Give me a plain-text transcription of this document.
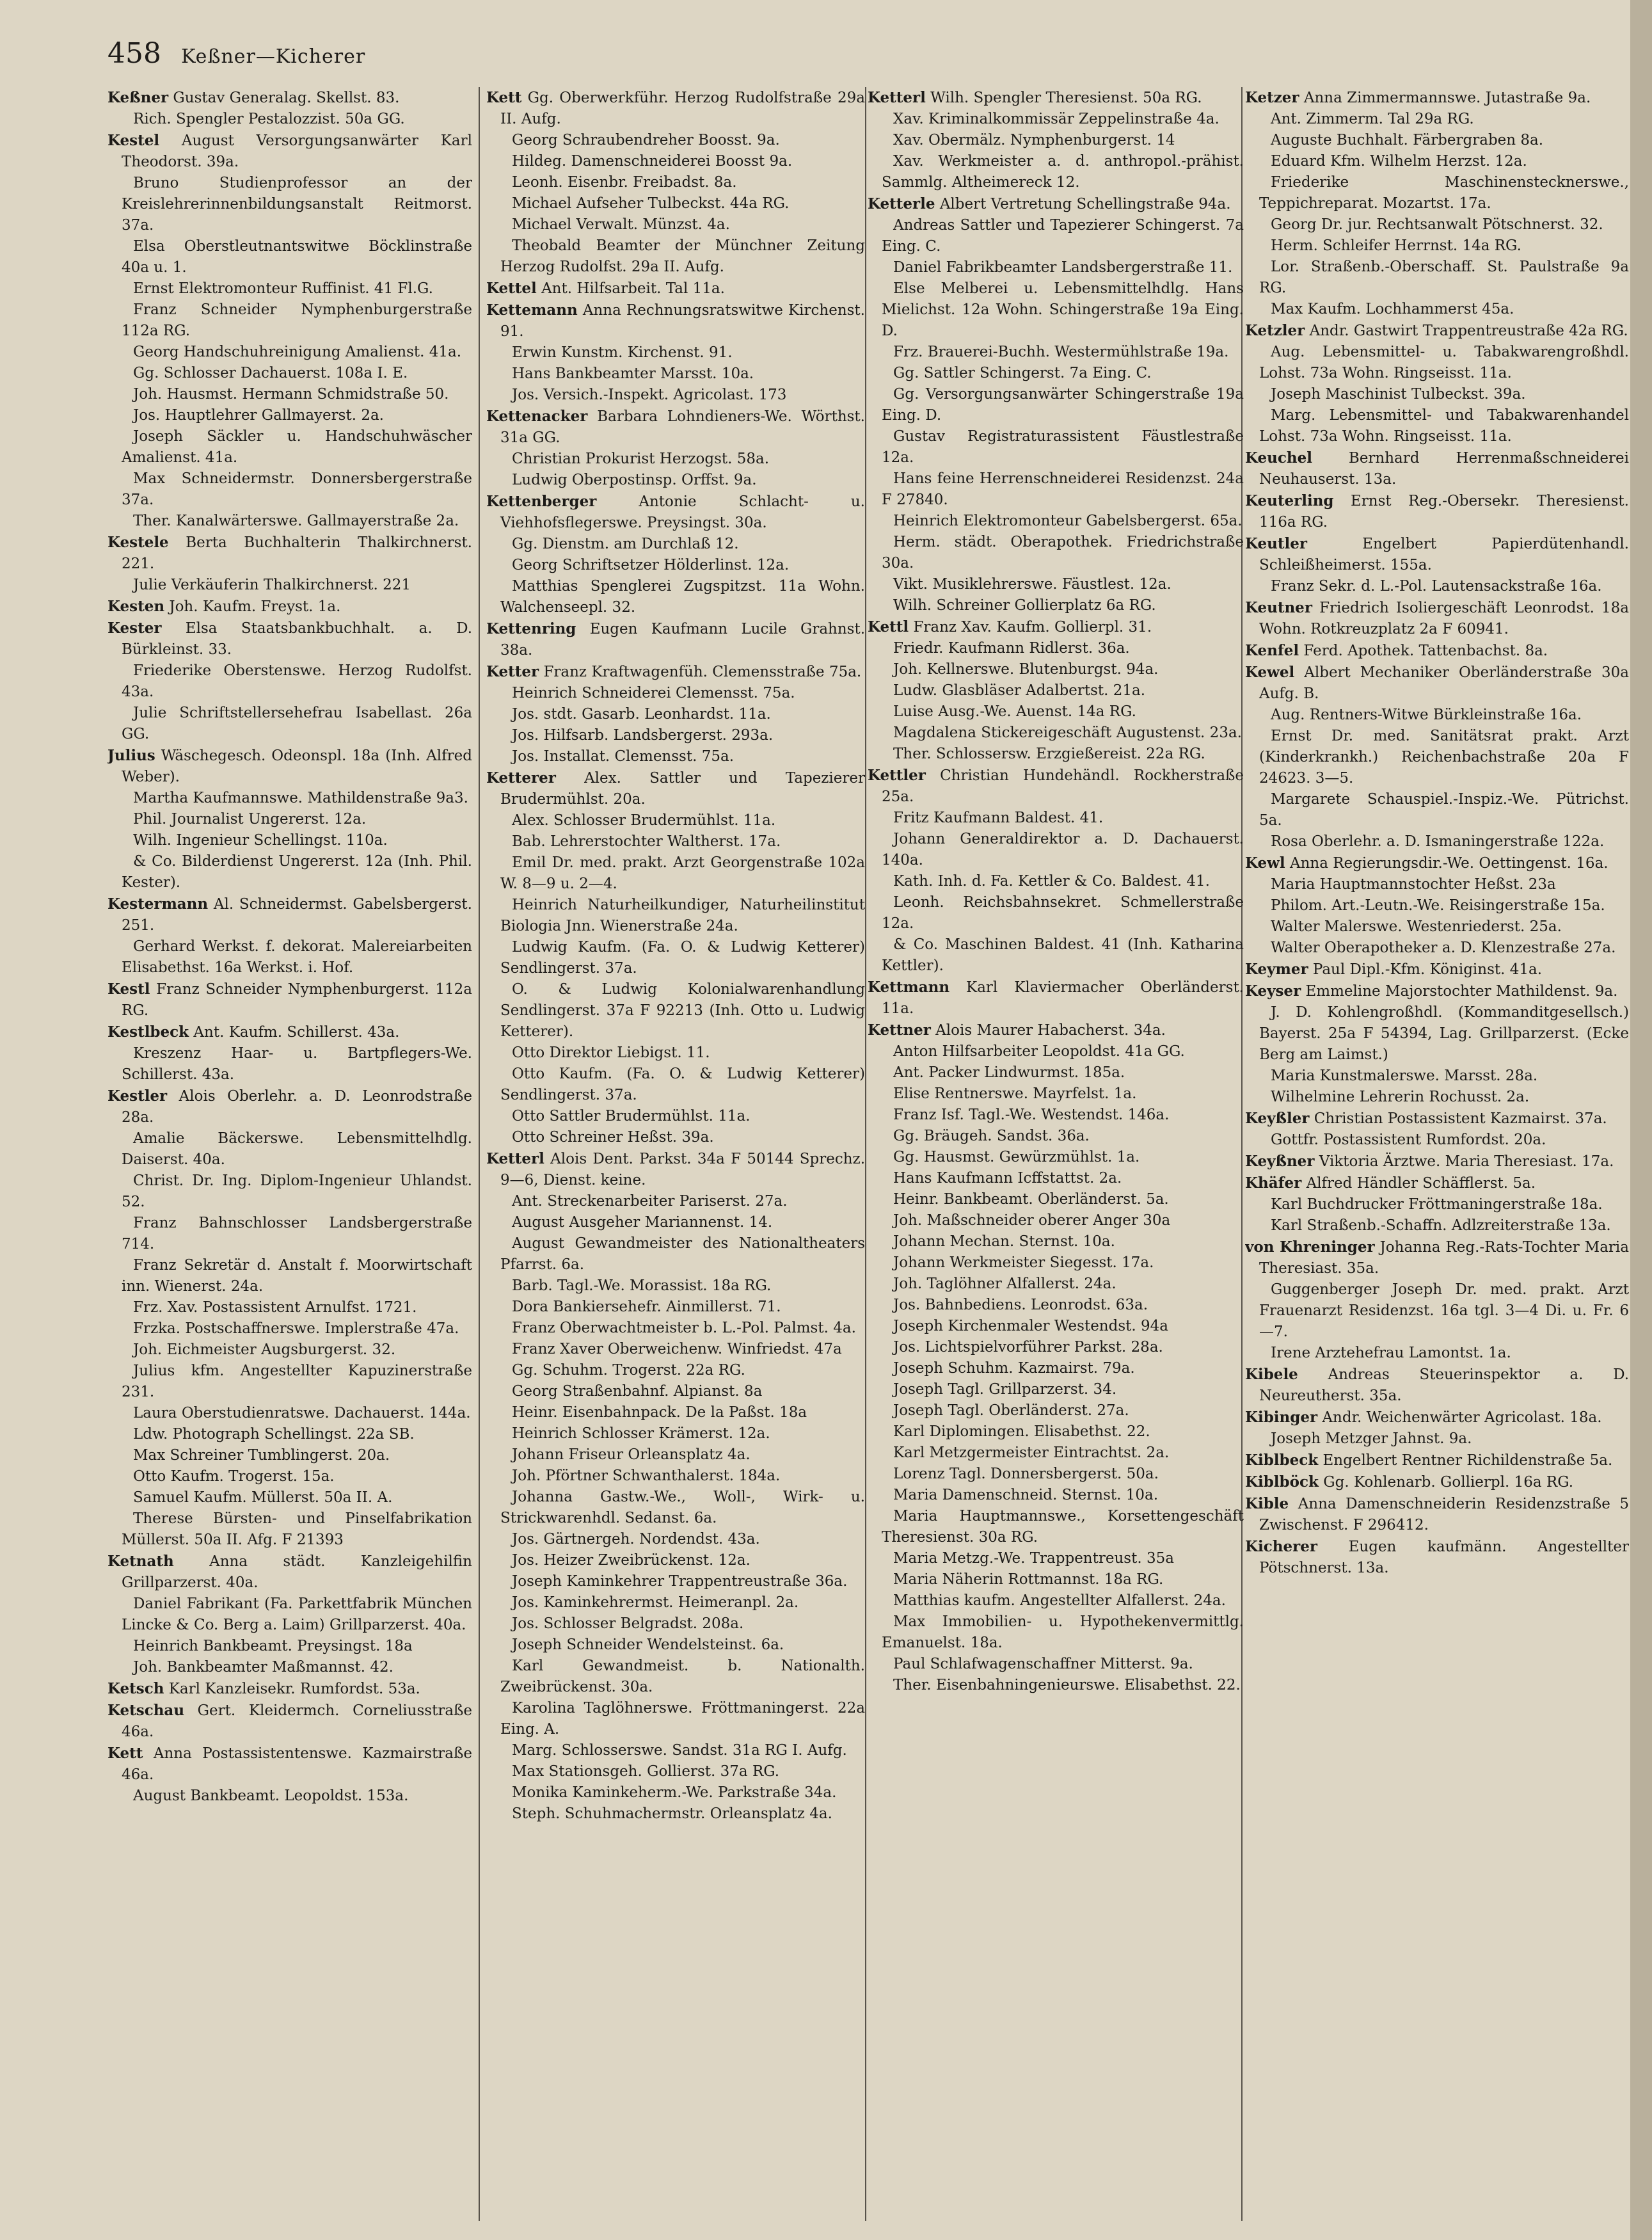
458 Keßner—Kicherer
Keßner Gustav Generalag. Skellst. 83.
Rich. Spengler Pestalozzist. 50a GG.
Kestel August Versorgungsanwärter Karl Theodorst. 39a.
Bruno Studienprofessor an der Kreislehrerinnenbildungsanstalt Reitmorst. 37a.
Elsa Oberstleutnantswitwe Böcklinstraße 40a u. 1.
Ernst Elektromonteur Ruffinist. 41 Fl.G.
Franz Schneider Nymphenburgerstraße 112a RG.
Georg Handschuhreinigung Amalienst. 41a.
Gg. Schlosser Dachauerst. 108a I. E.
Joh. Hausmst. Hermann Schmidstraße 50.
Jos. Hauptlehrer Gallmayerst. 2a.
Joseph Säckler u. Handschuhwäscher Amalienst. 41a.
Max Schneidermstr. Donnersbergerstraße 37a.
Ther. Kanalwärterswe. Gallmayerstraße 2a.
Kestele Berta Buchhalterin Thalkirchnerst. 221.
Julie Verkäuferin Thalkirchnerst. 221
Kesten Joh. Kaufm. Freyst. 1a.
Kester Elsa Staatsbankbuchhalt. a. D. Bürkleinst. 33.
Friederike Oberstenswe. Herzog Rudolfst. 43a.
Julie Schriftstellersehefrau Isabellast. 26a GG.
Julius Wäschegesch. Odeonspl. 18a (Inh. Alfred Weber).
Martha Kaufmannswe. Mathildenstraße 9a3.
Phil. Journalist Ungererst. 12a.
Wilh. Ingenieur Schellingst. 110a.
& Co. Bilderdienst Ungererst. 12a (Inh. Phil. Kester).
Kestermann Al. Schneidermst. Gabelsbergerst. 251.
Gerhard Werkst. f. dekorat. Malereiarbeiten Elisabethst. 16a Werkst. i. Hof.
Kestl Franz Schneider Nymphenburgerst. 112a RG.
Kestlbeck Ant. Kaufm. Schillerst. 43a.
Kreszenz Haar- u. Bartpflegers-We. Schillerst. 43a.
Kestler Alois Oberlehr. a. D. Leonrodstraße 28a.
Amalie Bäckerswe. Lebensmittelhdlg. Daiserst. 40a.
Christ. Dr. Ing. Diplom-Ingenieur Uhlandst. 52.
Franz Bahnschlosser Landsbergerstraße 714.
Franz Sekretär d. Anstalt f. Moorwirtschaft inn. Wienerst. 24a.
Frz. Xav. Postassistent Arnulfst. 1721.
Frzka. Postschaffnerswe. Implerstraße 47a.
Joh. Eichmeister Augsburgerst. 32.
Julius kfm. Angestellter Kapuzinerstraße 231.
Laura Oberstudienratswe. Dachauerst. 144a.
Ldw. Photograph Schellingst. 22a SB.
Max Schreiner Tumblingerst. 20a.
Otto Kaufm. Trogerst. 15a.
Samuel Kaufm. Müllerst. 50a II. A.
Therese Bürsten- und Pinselfabrikation Müllerst. 50a II. Afg. F 21393
Ketnath Anna städt. Kanzleigehilfin Grillparzerst. 40a.
Daniel Fabrikant (Fa. Parkettfabrik München Lincke & Co. Berg a. Laim) Grillparzerst. 40a.
Heinrich Bankbeamt. Preysingst. 18a
Joh. Bankbeamter Maßmannst. 42.
Ketsch Karl Kanzleisekr. Rumfordst. 53a.
Ketschau Gert. Kleidermch. Corneliusstraße 46a.
Kett Anna Postassistentenswe. Kazmairstraße 46a.
August Bankbeamt. Leopoldst. 153a.
Kett Gg. Oberwerkführ. Herzog Rudolfstraße 29a II. Aufg.
Georg Schraubendreher Boosst. 9a.
Hildeg. Damenschneiderei Boosst 9a.
Leonh. Eisenbr. Freibadst. 8a.
Michael Aufseher Tulbeckst. 44a RG.
Michael Verwalt. Münzst. 4a.
Theobald Beamter der Münchner Zeitung Herzog Rudolfst. 29a II. Aufg.
Kettel Ant. Hilfsarbeit. Tal 11a.
Kettemann Anna Rechnungsratswitwe Kirchenst. 91.
Erwin Kunstm. Kirchenst. 91.
Hans Bankbeamter Marsst. 10a.
Jos. Versich.-Inspekt. Agricolast. 173
Kettenacker Barbara Lohndieners-We. Wörthst. 31a GG.
Christian Prokurist Herzogst. 58a.
Ludwig Oberpostinsp. Orffst. 9a.
Kettenberger	Antonie Schlacht- u. Viehhofsflegerswe. Preysingst. 30a.
Gg. Dienstm. am Durchlaß 12.
Georg Schriftsetzer Hölderlinst. 12a.
Matthias Spenglerei Zugspitzst. 11a Wohn. Walchenseepl. 32.
Kettenring Eugen Kaufmann Lucile Grahnst. 38a.
Ketter Franz Kraftwagenfüh. Clemensstraße 75a.
Heinrich Schneiderei Clemensst. 75a.
Jos. stdt. Gasarb. Leonhardst. 11a.
Jos. Hilfsarb. Landsbergerst. 293a.
Jos. Installat. Clemensst. 75a.
Ketterer Alex. Sattler und Tapezierer Brudermühlst. 20a.
Alex. Schlosser Brudermühlst. 11a.
Bab. Lehrerstochter Waltherst. 17a.
Emil Dr. med. prakt. Arzt Georgenstraße 102a W. 8—9 u. 2—4.
Heinrich Naturheilkundiger, Naturheilinstitut Biologia Jnn. Wienerstraße 24a.
Ludwig Kaufm. (Fa. O. & Ludwig Ketterer) Sendlingerst. 37a.
O. & Ludwig Kolonialwarenhandlung Sendlingerst. 37a F 92213 (Inh. Otto u. Ludwig Ketterer).
Otto Direktor Liebigst. 11.
Otto Kaufm. (Fa. O. & Ludwig Ketterer) Sendlingerst. 37a.
Otto Sattler Brudermühlst. 11a.
Otto Schreiner Heßst. 39a.
Ketterl Alois Dent. Parkst. 34a F 50144 Sprechz. 9—6, Dienst. keine.
Ant. Streckenarbeiter Pariserst. 27a.
August Ausgeher Mariannenst. 14.
August Gewandmeister des Nationaltheaters Pfarrst. 6a.
Barb. Tagl.-We. Morassist. 18a RG.
Dora Bankiersehefr. Ainmillerst. 71.
Franz Oberwachtmeister b. L.-Pol. Palmst. 4a.
Franz Xaver Oberweichenw. Winfriedst. 47a
Gg. Schuhm. Trogerst. 22a RG.
Georg Straßenbahnf. Alpianst. 8a
Heinr. Eisenbahnpack. De la Paßst. 18a
Heinrich Schlosser Krämerst. 12a.
Johann Friseur Orleansplatz 4a.
Joh. Pförtner Schwanthalerst. 184a.
Johanna Gastw.-We., Woll-, Wirk- u. Strickwarenhdl. Sedanst. 6a.
Jos. Gärtnergeh. Nordendst. 43a.
Jos. Heizer Zweibrückenst. 12a.
Joseph Kaminkehrer Trappentreustraße 36a.
Jos. Kaminkehrermst. Heimeranpl. 2a.
Jos. Schlosser Belgradst. 208a.
Joseph Schneider Wendelsteinst. 6a.
Karl Gewandmeist. b. Nationalth. Zweibrückenst. 30a.
Karolina Taglöhnerswe. Fröttmaningerst. 22a Eing. A.
Marg. Schlosserswe. Sandst. 31a RG I. Aufg.
Max Stationsgeh. Gollierst. 37a RG.
Monika Kaminkeherm.-We. Parkstraße 34a.
Steph. Schuhmachermstr. Orleansplatz 4a.
Ketterl Wilh. Spengler Theresienst. 50a RG.
Xav. Kriminalkommissär Zeppelinstraße 4a.
Xav. Obermälz. Nymphenburgerst. 14
Xav. Werkmeister a. d. anthropol.-prähist. Sammlg. Altheimereck 12.
Ketterle Albert Vertretung Schellingstraße 94a.
Andreas Sattler und Tapezierer Schingerst. 7a Eing. C.
Daniel Fabrikbeamter Landsbergerstraße 11.
Else Melberei u. Lebensmittelhdlg. Hans Mielichst. 12a Wohn. Schingerstraße 19a Eing. D.
Frz. Brauerei-Buchh. Westermühlstraße 19a.
Gg. Sattler Schingerst. 7a Eing. C.
Gg. Versorgungsanwärter Schingerstraße 19a Eing. D.
Gustav Registraturassistent Fäustlestraße 12a.
Hans feine Herrenschneiderei Residenzst. 24a F 27840.
Heinrich Elektromonteur Gabelsbergerst. 65a.
Herm. städt. Oberapothek. Friedrichstraße 30a.
Vikt. Musiklehrerswe. Fäustlest. 12a.
Wilh. Schreiner Gollierplatz 6a RG.
Kettl Franz Xav. Kaufm. Gollierpl. 31.
Friedr. Kaufmann Ridlerst. 36a.
Joh. Kellnerswe. Blutenburgst. 94a.
Ludw. Glasbläser Adalbertst. 21a.
Luise Ausg.-We. Auenst. 14a RG.
Magdalena Stickereigeschäft Augustenst. 23a.
Ther. Schlossersw. Erzgießereist. 22a RG.
Kettler Christian Hundehändl. Rockherstraße 25a.
Fritz Kaufmann Baldest. 41.
Johann Generaldirektor a. D. Dachauerst. 140a.
Kath. Inh. d. Fa. Kettler & Co. Baldest. 41.
Leonh. Reichsbahnsekret. Schmellerstraße 12a.
& Co. Maschinen Baldest. 41 (Inh. Katharina Kettler).
Kettmann Karl Klaviermacher Oberländerst. 11a.
Kettner Alois Maurer Habacherst. 34a.
Anton Hilfsarbeiter Leopoldst. 41a GG.
Ant. Packer Lindwurmst. 185a.
Elise Rentnerswe. Mayrfelst. 1a.
Franz Isf. Tagl.-We. Westendst. 146a.
Gg. Bräugeh. Sandst. 36a.
Gg. Hausmst. Gewürzmühlst. 1a.
Hans Kaufmann Icffstattst. 2a.
Heinr. Bankbeamt. Oberländerst. 5a.
Joh. Maßschneider oberer Anger 30a
Johann Mechan. Sternst. 10a.
Johann Werkmeister Siegesst. 17a.
Joh. Taglöhner Alfallerst. 24a.
Jos. Bahnbediens. Leonrodst. 63a.
Joseph Kirchenmaler Westendst. 94a
Jos. Lichtspielvorführer Parkst. 28a.
Joseph Schuhm. Kazmairst. 79a.
Joseph Tagl. Grillparzerst. 34.
Joseph Tagl. Oberländerst. 27a.
Karl Diplomingen. Elisabethst. 22.
Karl Metzgermeister Eintrachtst. 2a.
Lorenz Tagl. Donnersbergerst. 50a.
Maria Damenschneid. Sternst. 10a.
Maria Hauptmannswe., Korsettengeschäft Theresienst. 30a RG.
Maria Metzg.-We. Trappentreust. 35a
Maria Näherin Rottmannst. 18a RG.
Matthias kaufm. Angestellter Alfallerst. 24a.
Max Immobilien- u. Hypothekenvermittlg. Emanuelst. 18a.
Paul Schlafwagenschaffner Mitterst. 9a.
Ther. Eisenbahningenieurswe. Elisabethst. 22.
Ketzer Anna Zimmermannswe. Jutastraße 9a.
Ant. Zimmerm. Tal 29a RG.
Auguste Buchhalt. Färbergraben 8a.
Eduard Kfm. Wilhelm Herzst. 12a.
Friederike Maschinenstecknerswe., Teppichreparat. Mozartst. 17a.
Georg Dr. jur. Rechtsanwalt Pötschnerst. 32.
Herm. Schleifer Herrnst. 14a RG.
Lor. Straßenb.-Oberschaff. St. Paulstraße 9a RG.
Max Kaufm. Lochhammerst 45a.
Ketzler Andr. Gastwirt Trappentreustraße 42a RG.
Aug. Lebensmittel- u. Tabakwarengroßhdl. Lohst. 73a Wohn. Ringseisst. 11a.
Joseph Maschinist Tulbeckst. 39a.
Marg. Lebensmittel- und Tabakwarenhandel Lohst. 73a Wohn. Ringseisst. 11a.
Keuchel Bernhard Herrenmaßschneiderei Neuhauserst. 13a.
Keuterling Ernst Reg.-Obersekr. Theresienst. 116a RG.
Keutler	Engelbert Papierdütenhandl. Schleißheimerst. 155a.
Franz Sekr. d. L.-Pol. Lautensackstraße 16a.
Keutner Friedrich Isoliergeschäft Leonrodst. 18a Wohn. Rotkreuzplatz 2a F 60941.
Kenfel Ferd. Apothek. Tattenbachst. 8a.
Kewel Albert Mechaniker Oberländerstraße 30a Aufg. B.
Aug. Rentners-Witwe Bürkleinstraße 16a.
Ernst Dr. med. Sanitätsrat prakt. Arzt (Kinderkrankh.) Reichenbachstraße 20a F 24623. 3—5.
Margarete Schauspiel.-Inspiz.-We. Pütrichst. 5a.
Rosa Oberlehr. a. D. Ismaningerstraße 122a.
Kewl Anna Regierungsdir.-We. Oettingenst. 16a.
Maria Hauptmannstochter Heßst. 23a
Philom. Art.-Leutn.-We. Reisingerstraße 15a.
Walter Malerswe. Westenriederst. 25a.
Walter Oberapotheker a. D. Klenzestraße 27a.
Keymer Paul Dipl.-Kfm. Königinst. 41a.
Keyser Emmeline Majorstochter Mathildenst. 9a.
J. D. Kohlengroßhdl. (Kommanditgesellsch.) Bayerst. 25a F 54394, Lag. Grillparzerst. (Ecke Berg am Laimst.)
Maria Kunstmalerswe. Marsst. 28a.
Wilhelmine Lehrerin Rochusst. 2a.
Keyßler Christian Postassistent Kazmairst. 37a.
Gottfr. Postassistent Rumfordst. 20a.
Keyßner Viktoria Ärztwe. Maria Theresiast. 17a.
Khäfer Alfred Händler Schäfflerst. 5a.
Karl Buchdrucker Fröttmaningerstraße 18a.
Karl Straßenb.-Schaffn. Adlzreiterstraße 13a.
von Khreninger Johanna Reg.-Rats-Tochter Maria Theresiast. 35a.
Guggenberger Joseph Dr. med. prakt. Arzt Frauenarzt Residenzst. 16a tgl. 3—4 Di. u. Fr. 6—7.
Irene Arztehefrau Lamontst. 1a.
Kibele Andreas Steuerinspektor a. D. Neureutherst. 35a.
Kibinger Andr. Weichenwärter Agricolast. 18a.
Joseph Metzger Jahnst. 9a.
Kiblbeck Engelbert Rentner Richildenstraße 5a.
Kiblböck Gg. Kohlenarb. Gollierpl. 16a RG.
Kible Anna Damenschneiderin Residenzstraße 5 Zwischenst. F 296412.
Kicherer Eugen kaufmänn. Angestellter Pötschnerst. 13a.
